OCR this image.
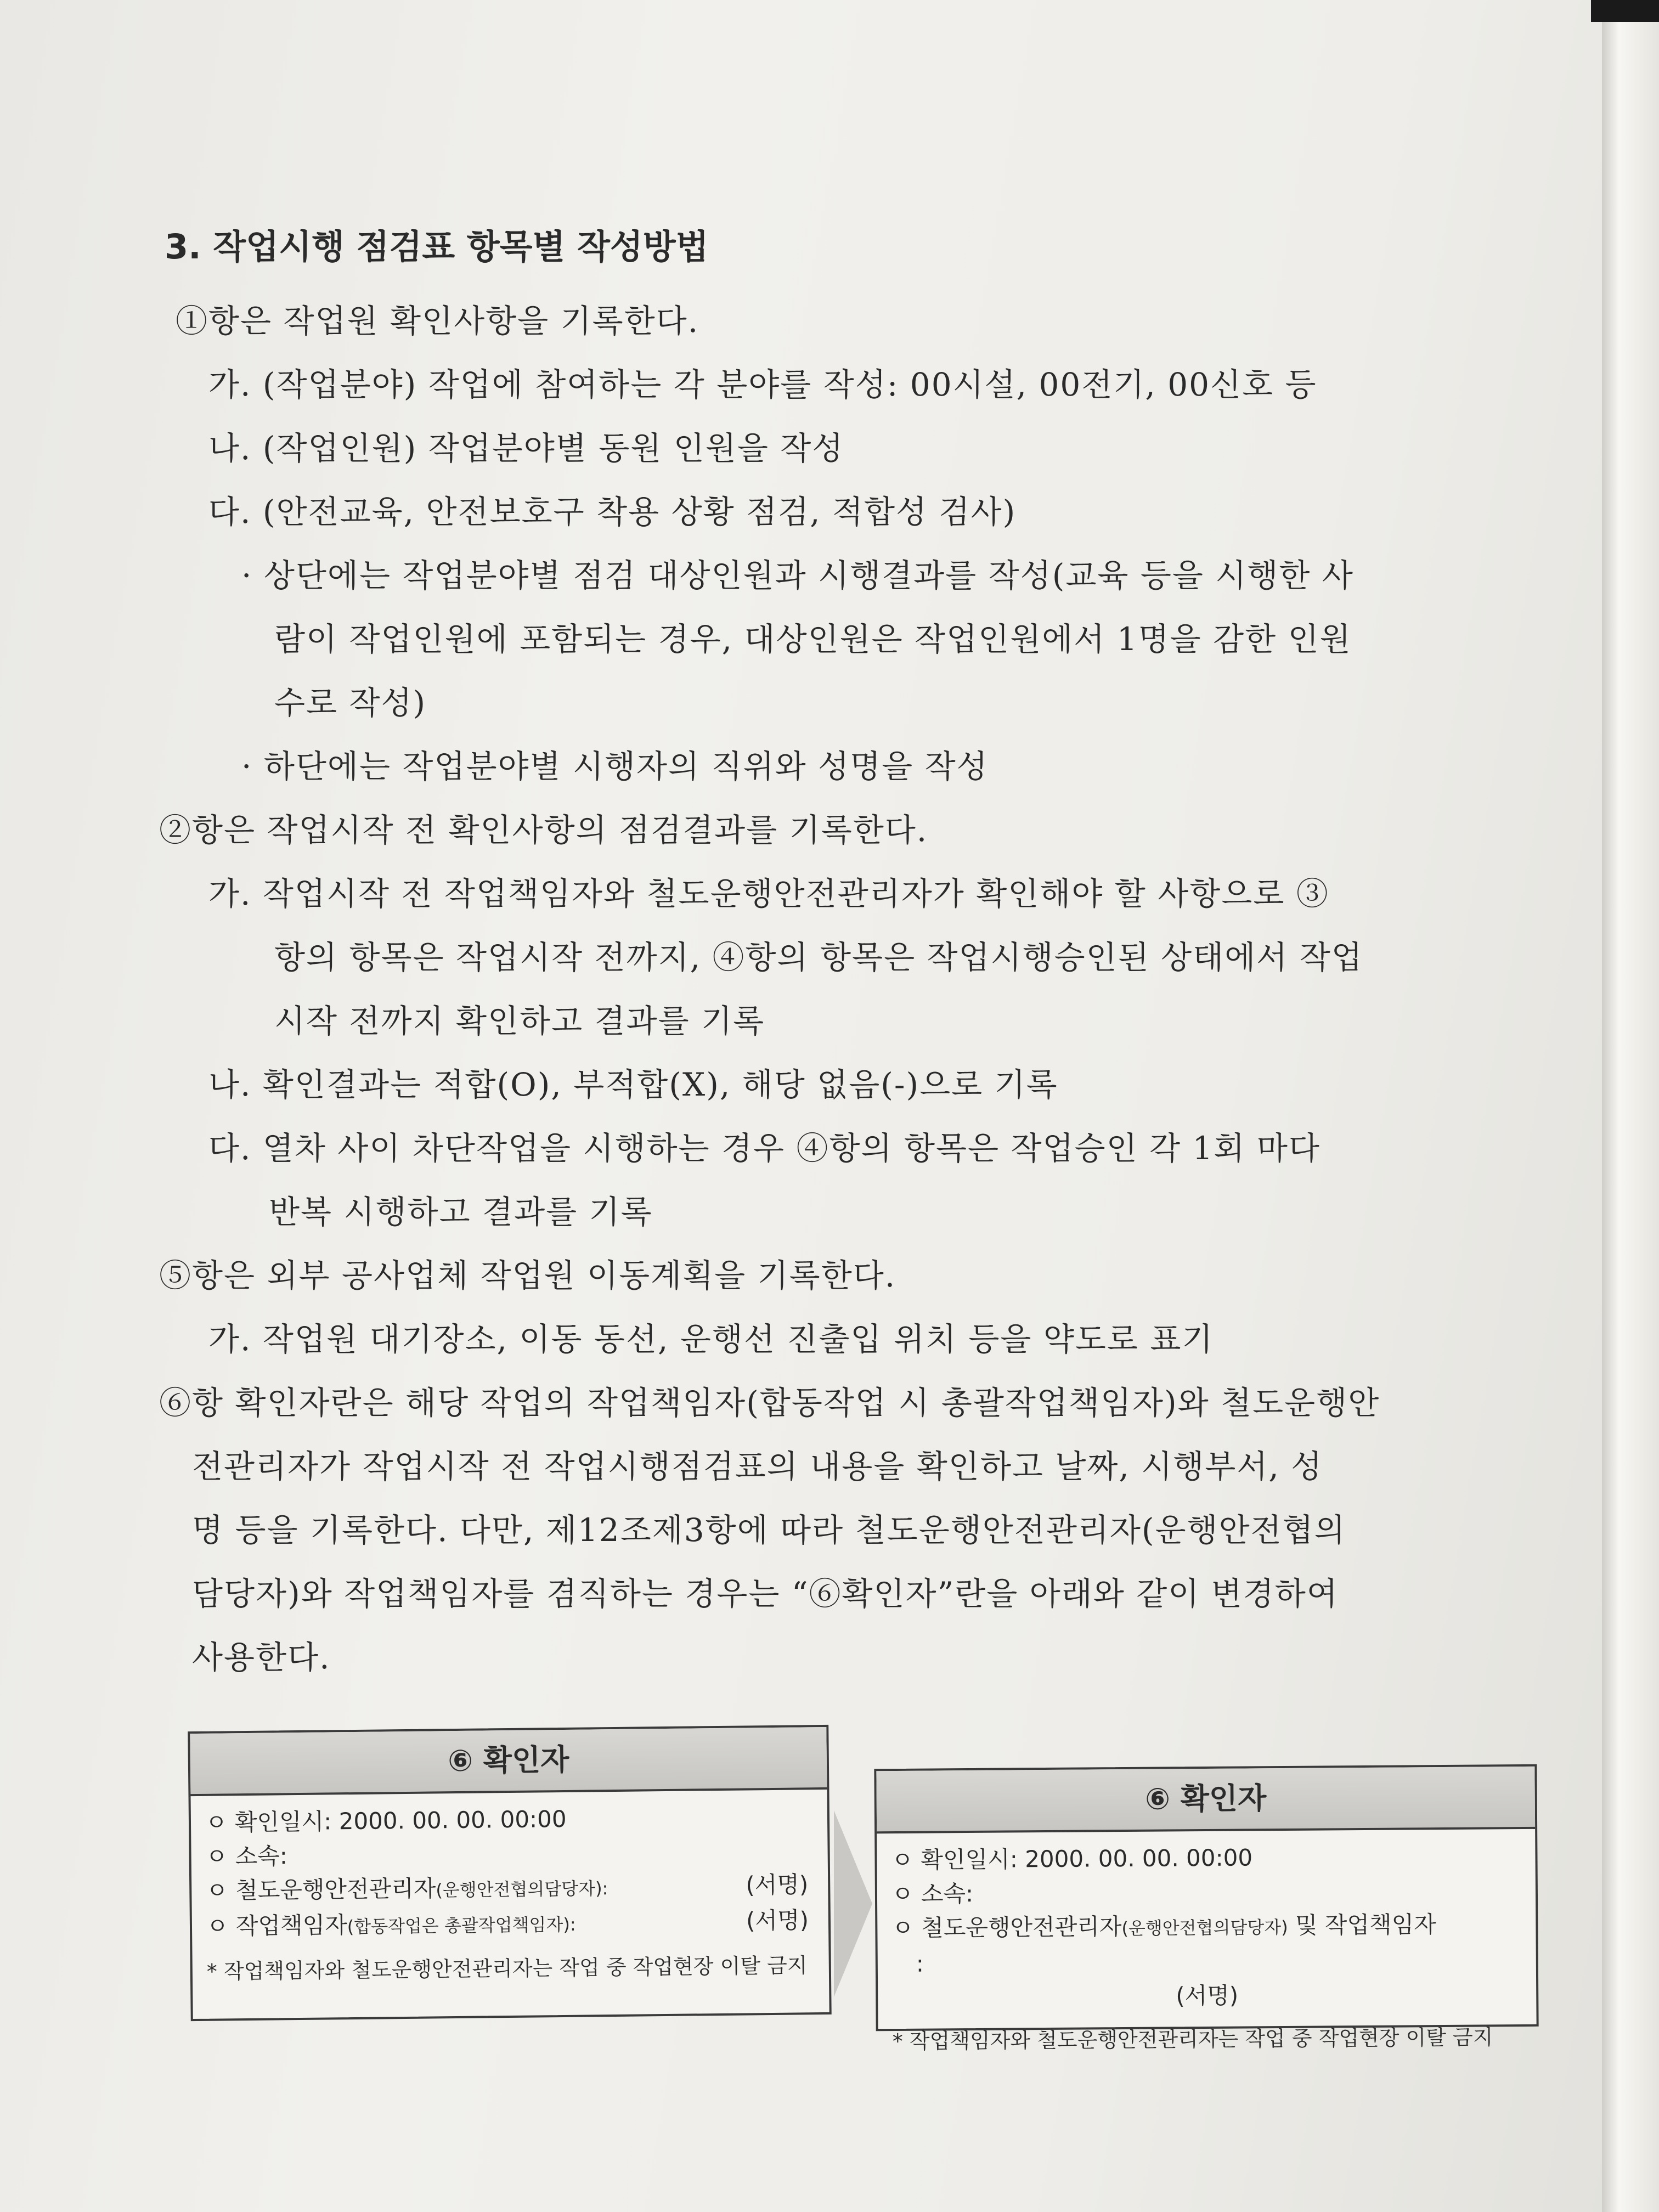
3. 작업시행 점검표 항목별 작성방법
①항은 작업원 확인사항을 기록한다.
가. (작업분야) 작업에 참여하는 각 분야를 작성: 00시설, 00전기, 00신호 등
나. (작업인원) 작업분야별 동원 인원을 작성
다. (안전교육, 안전보호구 착용 상황 점검, 적합성 검사)
· 상단에는 작업분야별 점검 대상인원과 시행결과를 작성(교육 등을 시행한 사
람이 작업인원에 포함되는 경우, 대상인원은 작업인원에서 1명을 감한 인원
수로 작성)
· 하단에는 작업분야별 시행자의 직위와 성명을 작성
②항은 작업시작 전 확인사항의 점검결과를 기록한다.
가. 작업시작 전 작업책임자와 철도운행안전관리자가 확인해야 할 사항으로 ③
항의 항목은 작업시작 전까지, ④항의 항목은 작업시행승인된 상태에서 작업
시작 전까지 확인하고 결과를 기록
나. 확인결과는 적합(O), 부적합(X), 해당 없음(-)으로 기록
다. 열차 사이 차단작업을 시행하는 경우 ④항의 항목은 작업승인 각 1회 마다
반복 시행하고 결과를 기록
⑤항은 외부 공사업체 작업원 이동계획을 기록한다.
가. 작업원 대기장소, 이동 동선, 운행선 진출입 위치 등을 약도로 표기
⑥항 확인자란은 해당 작업의 작업책임자(합동작업 시 총괄작업책임자)와 철도운행안
전관리자가 작업시작 전 작업시행점검표의 내용을 확인하고 날짜, 시행부서, 성
명 등을 기록한다. 다만, 제12조제3항에 따라 철도운행안전관리자(운행안전협의
담당자)와 작업책임자를 겸직하는 경우는 “⑥확인자”란을 아래와 같이 변경하여
사용한다.
⑥ 확인자
ㅇ 확인일시: 2000. 00. 00. 00:00
ㅇ 소속:
ㅇ 철도운행안전관리자(운행안전협의담당자):	(서명)
ㅇ 작업책임자(합동작업은 총괄작업책임자):	(서명)
* 작업책임자와 철도운행안전관리자는 작업 중 작업현장 이탈 금지
⑥ 확인자
ㅇ 확인일시: 2000. 00. 00. 00:00
ㅇ 소속:
ㅇ 철도운행안전관리자(운행안전협의담당자) 및 작업책임자
:
(서명)
* 작업책임자와 철도운행안전관리자는 작업 중 작업현장 이탈 금지
